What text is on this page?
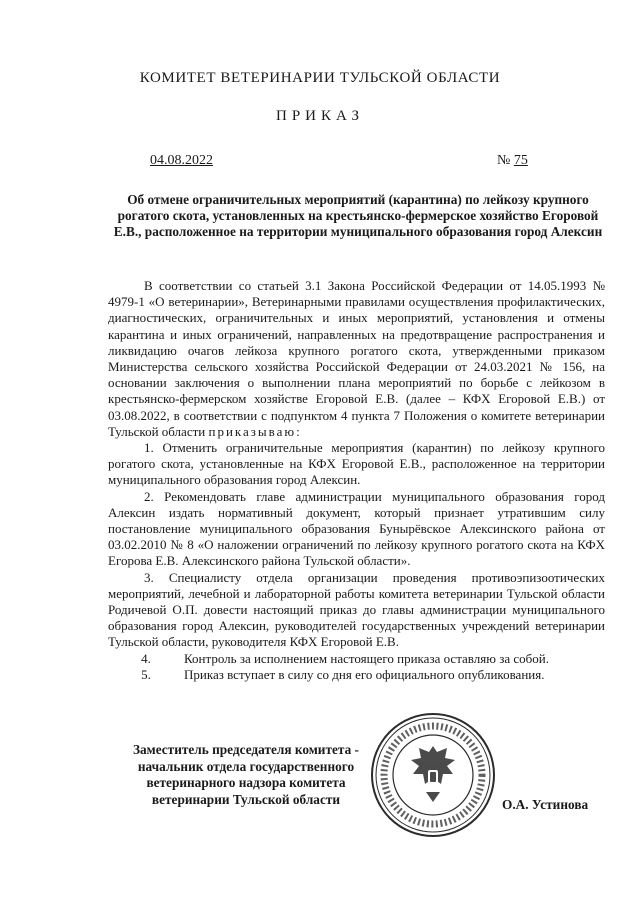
КОМИТЕТ ВЕТЕРИНАРИИ ТУЛЬСКОЙ ОБЛАСТИ
ПРИКАЗ
04.08.2022	№ 75
Об отмене ограничительных мероприятий (карантина) по лейкозу крупного рогатого скота, установленных на крестьянско-фермерское хозяйство Егоровой Е.В., расположенное на территории муниципального образования город Алексин

В соответствии со статьей 3.1 Закона Российской Федерации от 14.05.1993 № 4979-1 «О ветеринарии», Ветеринарными правилами осуществления профилактических, диагностических, ограничительных и иных мероприятий, установления и отмены карантина и иных ограничений, направленных на предотвращение распространения и ликвидацию очагов лейкоза крупного рогатого скота, утвержденными приказом Министерства сельского хозяйства Российской Федерации от 24.03.2021 № 156, на основании заключения о выполнении плана мероприятий по борьбе с лейкозом в крестьянско-фермерском хозяйстве Егоровой Е.В. (далее – КФХ Егоровой Е.В.) от 03.08.2022, в соответствии с подпунктом 4 пункта 7 Положения о комитете ветеринарии Тульской области приказываю:

1. Отменить ограничительные мероприятия (карантин) по лейкозу крупного рогатого скота, установленные на КФХ Егоровой Е.В., расположенное на территории муниципального образования город Алексин.

2. Рекомендовать главе администрации муниципального образования город Алексин издать нормативный документ, который признает утратившим силу постановление муниципального образования Бунырёвское Алексинского района от 03.02.2010 № 8 «О наложении ограничений по лейкозу крупного рогатого скота на КФХ Егорова Е.В. Алексинского района Тульской области».

3. Специалисту отдела организации проведения противоэпизоотических мероприятий, лечебной и лабораторной работы комитета ветеринарии Тульской области Родичевой О.П. довести настоящий приказ до главы администрации муниципального образования город Алексин, руководителей государственных учреждений ветеринарии Тульской области, руководителя КФХ Егоровой Е.В.

4.	Контроль за исполнением настоящего приказа оставляю за собой.
5.	Приказ вступает в силу со дня его официального опубликования.
Заместитель председателя комитета - начальник отдела государственного ветеринарного надзора комитета ветеринарии Тульской области	О.А. Устинова
